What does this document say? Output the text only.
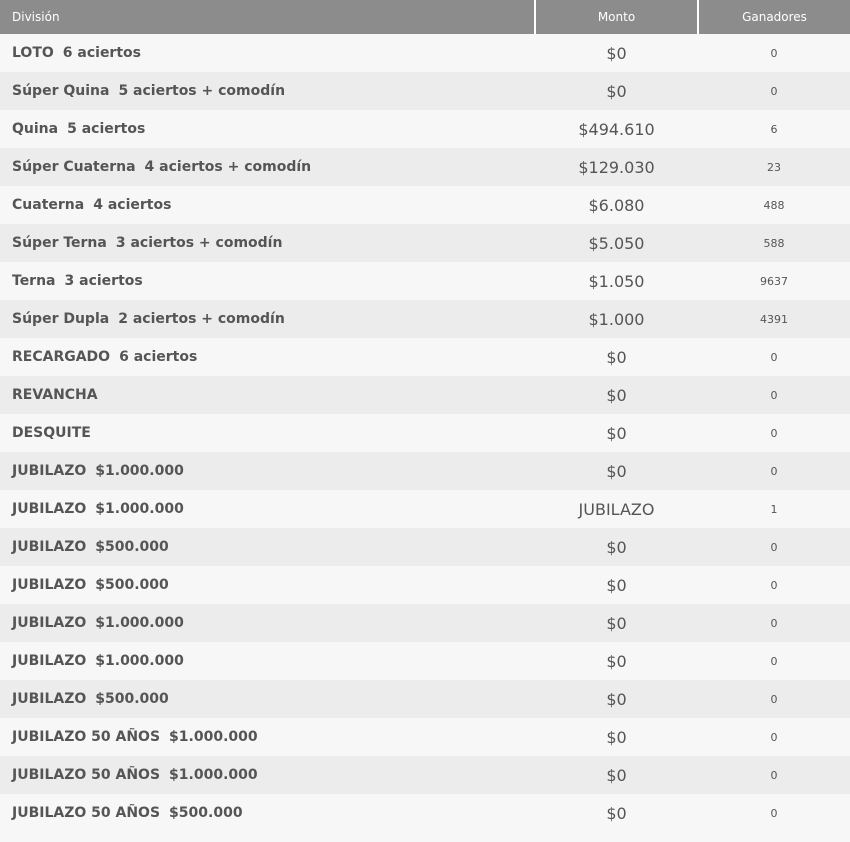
División	Monto	Ganadores
LOTO 6 aciertos	$0	0
Súper Quina 5 aciertos + comodín	$0	0
Quina 5 aciertos	$494.610	6
Súper Cuaterna 4 aciertos + comodín	$129.030	23
Cuaterna 4 aciertos	$6.080	488
Súper Terna 3 aciertos + comodín	$5.050	588
Terna 3 aciertos	$1.050	9637
Súper Dupla 2 aciertos + comodín	$1.000	4391
RECARGADO 6 aciertos	$0	0
REVANCHA	$0	0
DESQUITE	$0	0
JUBILAZO $1.000.000	$0	0
JUBILAZO $1.000.000	JUBILAZO	1
JUBILAZO $500.000	$0	0
JUBILAZO $500.000	$0	0
JUBILAZO $1.000.000	$0	0
JUBILAZO $1.000.000	$0	0
JUBILAZO $500.000	$0	0
JUBILAZO 50 AÑOS $1.000.000	$0	0
JUBILAZO 50 AÑOS $1.000.000	$0	0
JUBILAZO 50 AÑOS $500.000	$0	0
